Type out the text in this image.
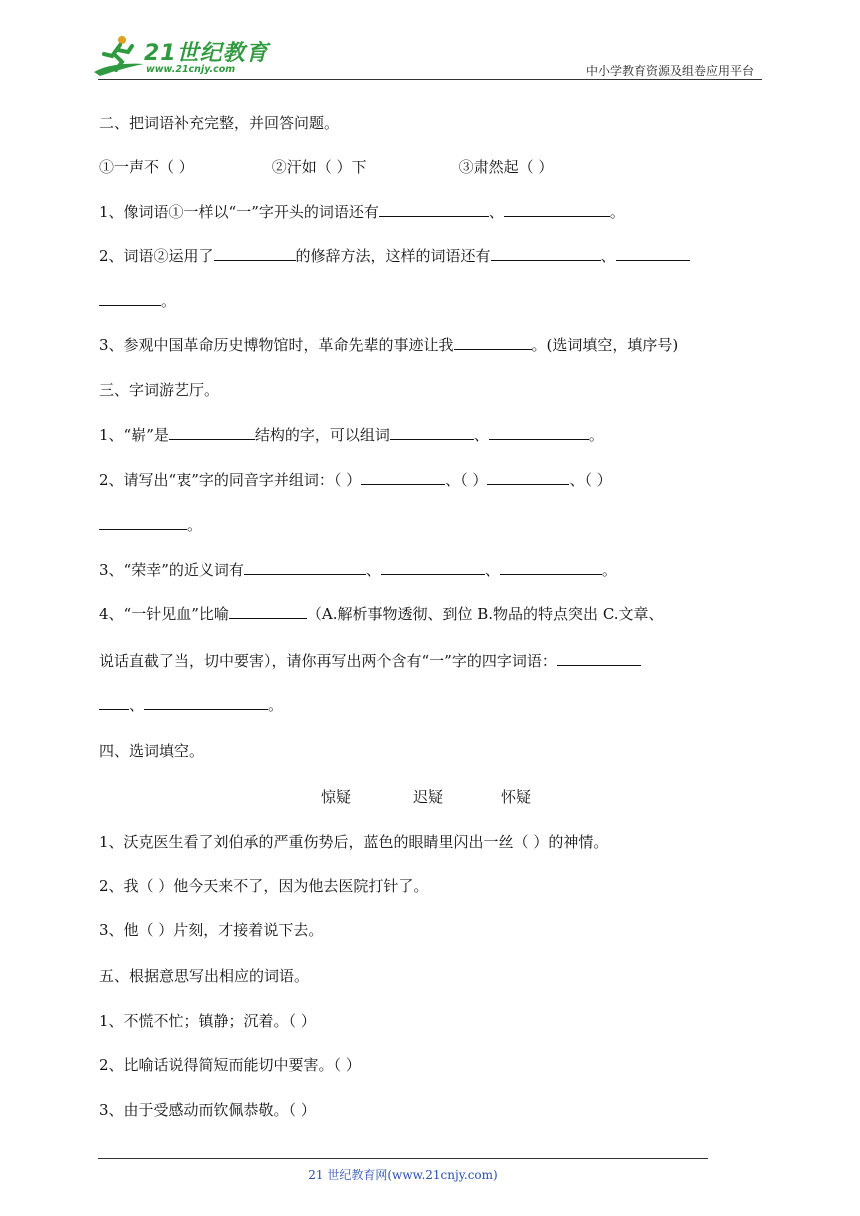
21世纪教育
www.21cnjy.com	中小学教育资源及组卷应用平台
二、把词语补充完整，并回答问题。
①一声不（ ）	②汗如（ ）下	③肃然起（ ）
1、像词语①一样以“一”字开头的词语还有	、	。
2、词语②运用了	的修辞方法，这样的词语还有	、
。
3、参观中国革命历史博物馆时，革命先辈的事迹让我	。(选词填空，填序号)
三、字词游艺厅。
1、“崭”是	结构的字，可以组词	、	。
2、请写出“衷”字的同音字并组词：（ ）	、（ ）	、（ ）
。
3、“荣幸”的近义词有	、	、	。
4、“一针见血”比喻	（A.解析事物透彻、到位 B.物品的特点突出 C.文章、
说话直截了当，切中要害），请你再写出两个含有“一”字的四字词语：
、	。
四、选词填空。
惊疑	迟疑	怀疑
1、沃克医生看了刘伯承的严重伤势后，蓝色的眼睛里闪出一丝（ ）的神情。
2、我（ ）他今天来不了，因为他去医院打针了。
3、他（ ）片刻，才接着说下去。
五、根据意思写出相应的词语。
1、不慌不忙；镇静；沉着。（ ）
2、比喻话说得简短而能切中要害。（ ）
3、由于受感动而钦佩恭敬。（ ）
21 世纪教育网(www.21cnjy.com)
